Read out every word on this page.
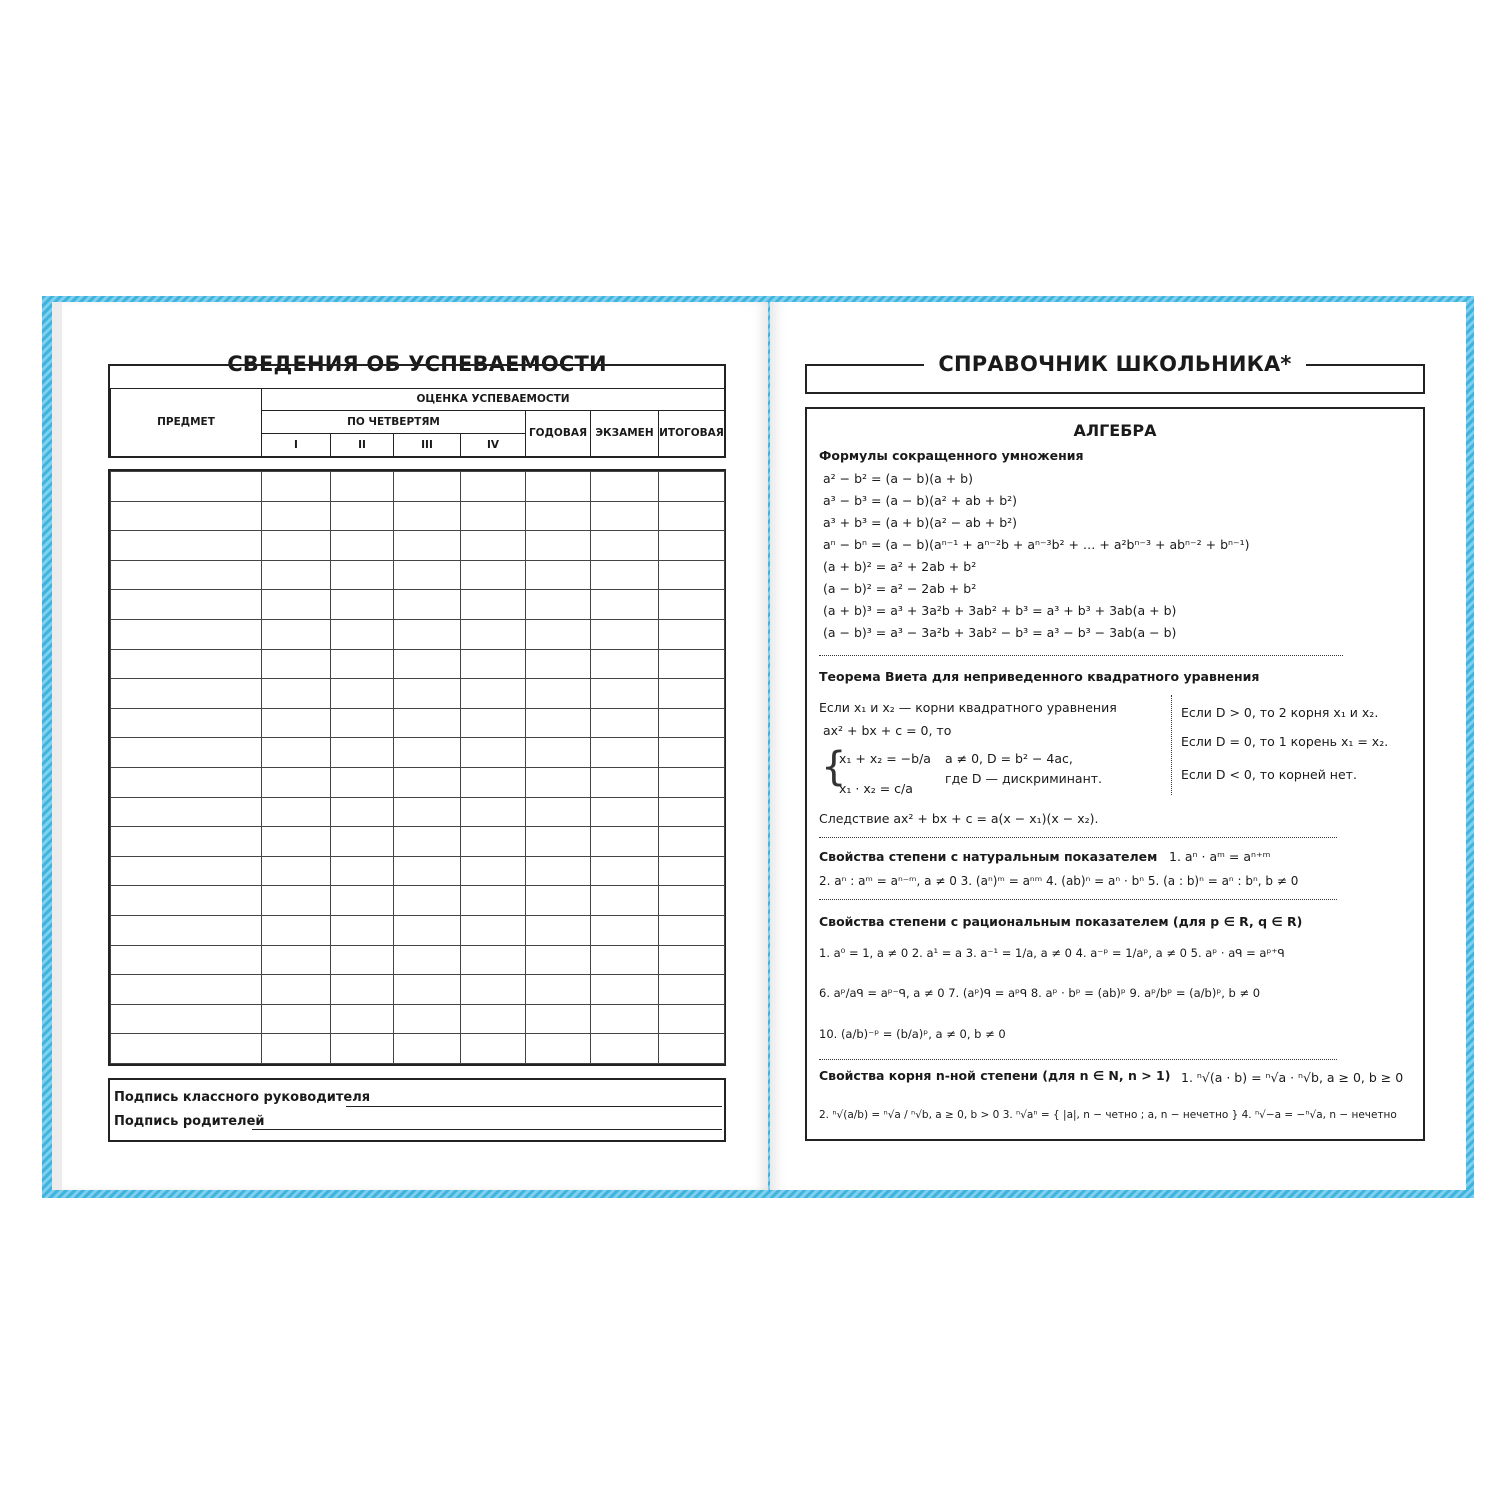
СВЕДЕНИЯ ОБ УСПЕВАЕМОСТИ

ПРЕДМЕТ	ОЦЕНКА УСПЕВАЕМОСТИ						
	ПО ЧЕТВЕРТЯМ				ГОДОВАЯ	ЭКЗАМЕН	ИТОГОВАЯ
	I	II	III	IV			

Подпись классного руководителя
Подпись родителей
СПРАВОЧНИК ШКОЛЬНИКА*
АЛГЕБРА
Формулы сокращенного умножения
a² − b² = (a − b)(a + b)
a³ − b³ = (a − b)(a² + ab + b²)
a³ + b³ = (a + b)(a² − ab + b²)
aⁿ − bⁿ = (a − b)(aⁿ⁻¹ + aⁿ⁻²b + aⁿ⁻³b² + … + a²bⁿ⁻³ + abⁿ⁻² + bⁿ⁻¹)
(a + b)² = a² + 2ab + b²
(a − b)² = a² − 2ab + b²
(a + b)³ = a³ + 3a²b + 3ab² + b³ = a³ + b³ + 3ab(a + b)
(a − b)³ = a³ − 3a²b + 3ab² − b³ = a³ − b³ − 3ab(a − b)
Теорема Виета для неприведенного квадратного уравнения
Если x₁ и x₂ — корни квадратного уравнения
ax² + bx + c = 0, то
{
x₁ + x₂ = −b/a
x₁ · x₂ = c/a
a ≠ 0, D = b² − 4ac,
где D — дискриминант.
Следствие ax² + bx + c = a(x − x₁)(x − x₂).
Если D > 0, то 2 корня x₁ и x₂.
Если D = 0, то 1 корень x₁ = x₂.
Если D < 0, то корней нет.
Свойства степени с натуральным показателем 1. aⁿ · aᵐ = aⁿ⁺ᵐ
2. aⁿ : aᵐ = aⁿ⁻ᵐ, a ≠ 0 3. (aⁿ)ᵐ = aⁿᵐ 4. (ab)ⁿ = aⁿ · bⁿ 5. (a : b)ⁿ = aⁿ : bⁿ, b ≠ 0
Свойства степени с рациональным показателем (для p ∈ R, q ∈ R)
1. a⁰ = 1, a ≠ 0 2. a¹ = a 3. a⁻¹ = 1/a, a ≠ 0 4. a⁻ᵖ = 1/aᵖ, a ≠ 0 5. aᵖ · aᑫ = aᵖ⁺ᑫ
6. aᵖ/aᑫ = aᵖ⁻ᑫ, a ≠ 0 7. (aᵖ)ᑫ = aᵖᑫ 8. aᵖ · bᵖ = (ab)ᵖ 9. aᵖ/bᵖ = (a/b)ᵖ, b ≠ 0
10. (a/b)⁻ᵖ = (b/a)ᵖ, a ≠ 0, b ≠ 0
Свойства корня n-ной степени (для n ∈ N, n > 1) 1. ⁿ√(a · b) = ⁿ√a · ⁿ√b, a ≥ 0, b ≥ 0
2. ⁿ√(a/b) = ⁿ√a / ⁿ√b, a ≥ 0, b > 0 3. ⁿ√aⁿ = { |a|, n − четно ; a, n − нечетно } 4. ⁿ√−a = −ⁿ√a, n − нечетно
